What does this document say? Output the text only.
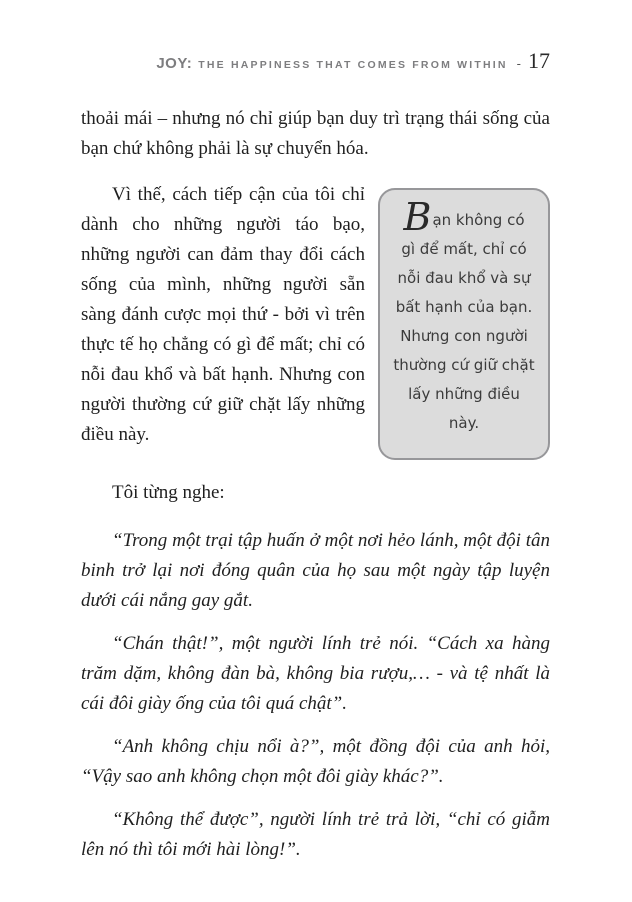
JOY: THE HAPPINESS THAT COMES FROM WITHIN - 17

thoải mái – nhưng nó chỉ giúp bạn duy trì trạng thái sống của bạn chứ không phải là sự chuyển hóa.

Vì thế, cách tiếp cận của tôi chỉ dành cho những người táo bạo, những người can đảm thay đổi cách sống của mình, những người sẵn sàng đánh cược mọi thứ - bởi vì trên thực tế họ chẳng có gì để mất; chỉ có nỗi đau khổ và bất hạnh. Nhưng con người thường cứ giữ chặt lấy những điều này.

Bạn không có
gì để mất, chỉ có
nỗi đau khổ và sự
bất hạnh của bạn.
Nhưng con người
thường cứ giữ chặt
lấy những điều này.

Tôi từng nghe:

“Trong một trại tập huấn ở một nơi hẻo lánh, một đội tân binh trở lại nơi đóng quân của họ sau một ngày tập luyện dưới cái nắng gay gắt.

“Chán thật!”, một người lính trẻ nói. “Cách xa hàng trăm dặm, không đàn bà, không bia rượu,… - và tệ nhất là cái đôi giày ống của tôi quá chật”.

“Anh không chịu nổi à?”, một đồng đội của anh hỏi, “Vậy sao anh không chọn một đôi giày khác?”.

“Không thể được”, người lính trẻ trả lời, “chỉ có giẫm lên nó thì tôi mới hài lòng!”.
